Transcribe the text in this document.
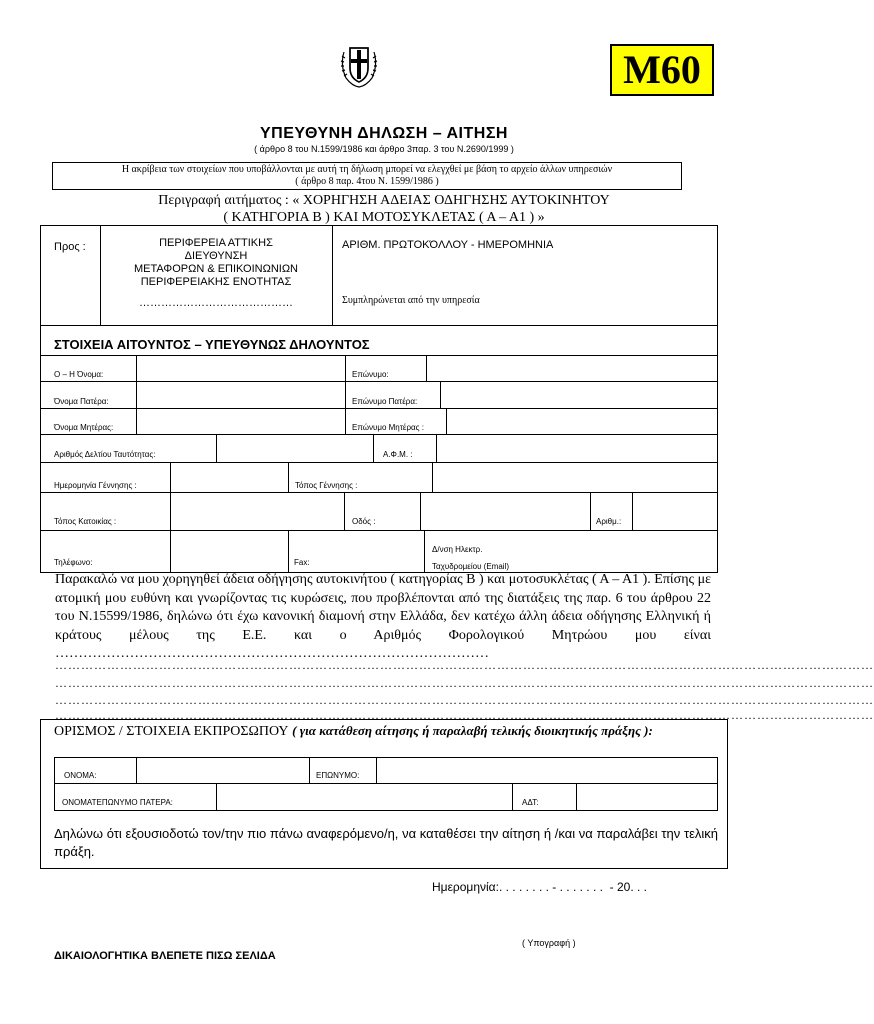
M60
ΥΠΕΥΘΥΝΗ ΔΗΛΩΣΗ – ΑΙΤΗΣΗ
( άρθρο 8 του Ν.1599/1986 και άρθρο 3παρ. 3 του Ν.2690/1999 )
Η ακρίβεια των στοιχείων που υποβάλλονται με αυτή τη δήλωση μπορεί να ελεγχθεί με βάση το αρχείο άλλων υπηρεσιών
( άρθρο 8 παρ. 4του Ν. 1599/1986 )
Περιγραφή αιτήματος : « ΧΟΡΗΓΗΣΗ ΑΔΕΙΑΣ ΟΔΗΓΗΣΗΣ ΑΥΤΟΚΙΝΗΤΟΥ
( ΚΑΤΗΓΟΡΙΑ Β ) ΚΑΙ ΜΟΤΟΣΥΚΛΕΤΑΣ ( Α – Α1 ) »
Προς :	ΠΕΡΙΦΕΡΕΙΑ ΑΤΤΙΚΗΣ
ΔΙΕΥΘΥΝΣΗ
ΜΕΤΑΦΟΡΩΝ & ΕΠΙΚΟΙΝΩΝΙΩΝ
ΠΕΡΙΦΕΡΕΙΑΚΗΣ ΕΝΟΤΗΤΑΣ
……………………………………
ΑΡΙΘΜ. ΠΡΩΤΟΚΌΛΛΟΥ - ΗΜΕΡΟΜΗΝΙΑ
Συμπληρώνεται από την υπηρεσία
ΣΤΟΙΧΕΙΑ ΑΙΤΟΥΝΤΟΣ – ΥΠΕΥΘΥΝΩΣ ΔΗΛΟΥΝΤΟΣ
Ο – Η Όνομα:	Επώνυμο:
Όνομα Πατέρα:	Επώνυμο Πατέρα:
Όνομα Μητέρας:	Επώνυμο Μητέρας :
Αριθμός Δελτίου Ταυτότητας:	Α.Φ.Μ. :
Ημερομηνία Γέννησης :	Τόπος Γέννησης :
Τόπος Κατοικίας :	Οδός :	Αριθμ.:
Τηλέφωνο:	Fax:
Δ/νση Ηλεκτρ.
Ταχυδρομείου (Email)
Παρακαλώ να μου χορηγηθεί άδεια οδήγησης αυτοκινήτου ( κατηγορίας Β ) και μοτοσυκλέτας ( Α – Α1 ). Επίσης με ατομική μου ευθύνη και γνωρίζοντας τις κυρώσεις, που προβλέπονται από της διατάξεις της παρ. 6 του άρθρου 22 του Ν.15599/1986, δηλώνω ότι έχω κανονική διαμονή στην Ελλάδα, δεν κατέχω άλλη άδεια οδήγησης Ελληνική ή κράτους μέλους της Ε.Ε. και ο Αριθμός Φορολογικού Μητρώου μου είναι …………………………………………………………………………………
………………………………………………………………………………………………………………………………………………………………………
………………………………………………………………………………………………………………………………………………………………………
………………………………………………………………………………………………………………………………………………………………………
………………………………………………………………………………………………………………………………………………………………………
ΟΡΙΣΜΟΣ / ΣΤΟΙΧΕΙΑ ΕΚΠΡΟΣΩΠΟΥ ( για κατάθεση αίτησης ή παραλαβή τελικής διοικητικής πράξης ):
ΟΝΟΜΑ:	ΕΠΩΝΥΜΟ:
ΟΝΟΜΑΤΕΠΩΝΥΜΟ ΠΑΤΕΡΑ:	ΑΔΤ:
Δηλώνω ότι εξουσιοδοτώ τον/την πιο πάνω αναφερόμενο/η, να καταθέσει την αίτηση ή /και να παραλάβει την τελική πράξη.
Ημερομηνία:. . . . . . . . - . . . . . . .  - 20. . .
( Υπογραφή )
ΔΙΚΑΙΟΛΟΓΗΤΙΚΑ ΒΛΕΠΕΤΕ ΠΙΣΩ ΣΕΛΙΔΑ
